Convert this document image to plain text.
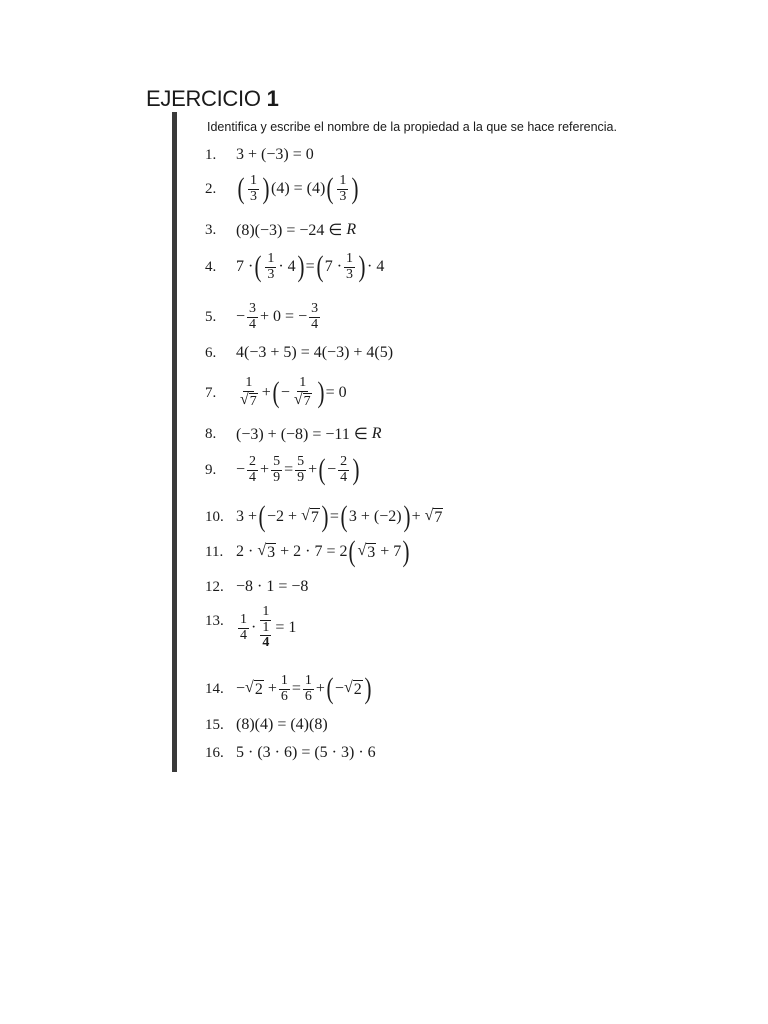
EJERCICIO 1
Identifica y escribe el nombre de la propiedad a la que se hace referencia.
1.	3 + (−3) = 0
2. ( $\frac{1}{3}$ ) (4) = (4) ( $\frac{1}{3}$ )
3.	(8)(−3) = −24 ∈ R
4.	7 · ( $\frac{1}{3} \cdot 4$ ) = ( $7 \cdot \frac{1}{3}$ ) · 4
5.	− $\frac{3}{4} + 0$ = − $\frac{3}{4}$
6.	4(−3 + 5) = 4(−3) + 4(5)
7.	$\frac{1}{√ 7}$ + ( − $\frac{1}{√ 7}$ ) = 0
8.	(−3) + (−8) = −11 ∈ R
9.	− $\frac{2}{4} + \frac{5}{9} = \frac{5}{9}$ + ( − $\frac{2}{4}$ )
10. 3 + ( −2 + √ 7 ) = ( 3 + (−2) ) + √ 7
11. 2 · √ 3 + 2 · 7 = 2 ( √ 3 + 7 )
12. −8 · 1 = −8
13.	$\frac{1}{4} \cdot \frac{1}{\frac{1}{4}} = 1$
14. − √ $2 + \frac{1}{6} = \frac{1}{6}$ + ( − √ 2 )
15. (8)(4) = (4)(8)
16. 5 · (3 · 6) = (5 · 3) · 6
